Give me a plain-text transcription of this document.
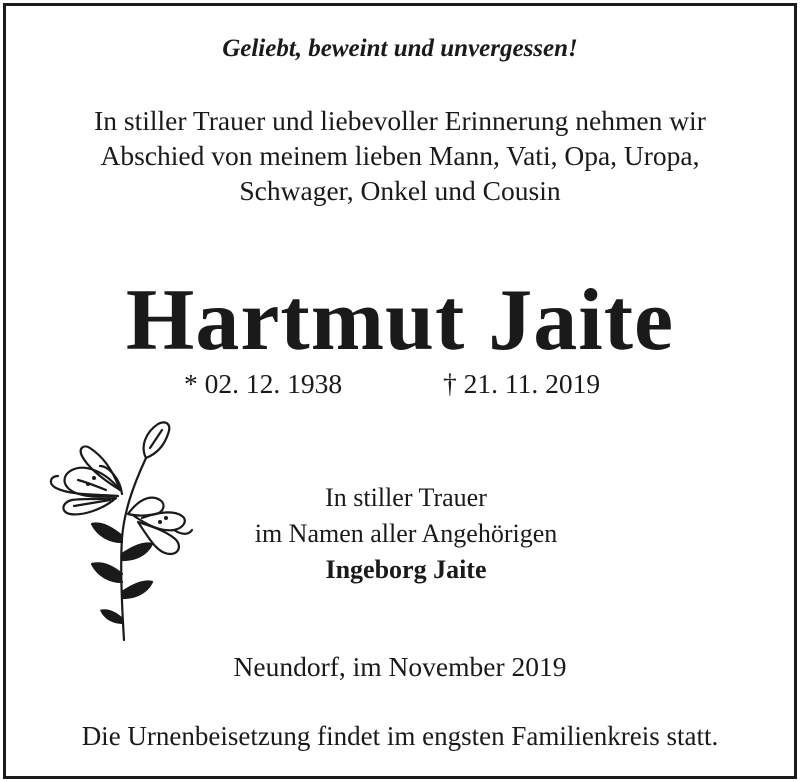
Geliebt, beweint und unvergessen!
In stiller Trauer und liebevoller Erinnerung nehmen wir
Abschied von meinem lieben Mann, Vati, Opa, Uropa,
Schwager, Onkel und Cousin
Hartmut Jaite
* 02. 12. 1938	† 21. 11. 2019
In stiller Trauer
im Namen aller Angehörigen
Ingeborg Jaite
Neundorf, im November 2019
Die Urnenbeisetzung findet im engsten Familienkreis statt.
